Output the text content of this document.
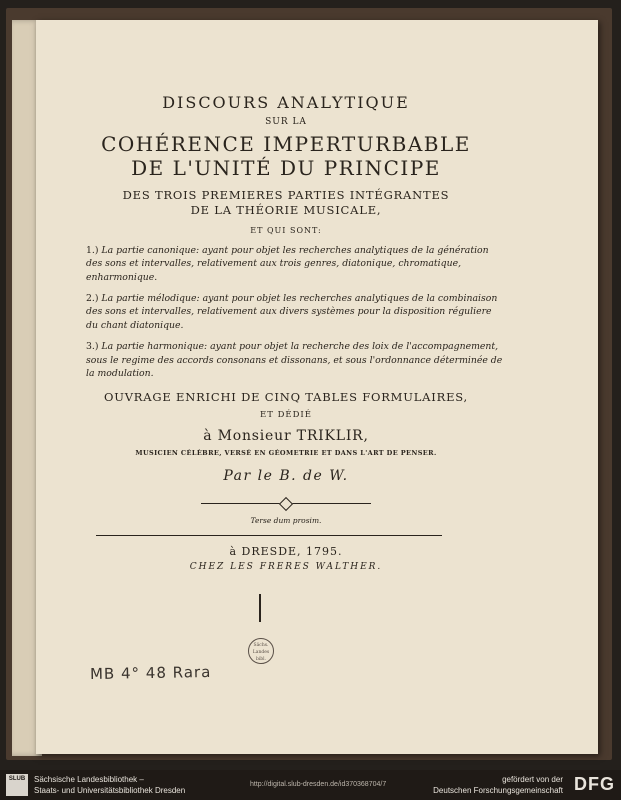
DISCOURS ANALYTIQUE
SUR LA
COHÉRENCE IMPERTURBABLE
DE L'UNITÉ DU PRINCIPE
DES TROIS PREMIERES PARTIES INTÉGRANTES
DE LA THÉORIE MUSICALE,
ET QUI SONT:
1.) La partie canonique: ayant pour objet les recherches analytiques de la génération des sons et intervalles, relativement aux trois genres, diatonique, chromatique, enharmonique.
2.) La partie mélodique: ayant pour objet les recherches analytiques de la combinaison des sons et intervalles, relativement aux divers systèmes pour la disposition réguliere du chant diatonique.
3.) La partie harmonique: ayant pour objet la recherche des loix de l'accompagnement, sous le regime des accords consonans et dissonans, et sous l'ordonnance déterminée de la modulation.
OUVRAGE ENRICHI DE CINQ TABLES FORMULAIRES,
ET DÉDIÉ
à Monsieur TRIKLIR,
MUSICIEN CÉLÈBRE, VERSÉ EN GÉOMETRIE ET DANS L'ART DE PENSER.
Par le B. de W.
Terse dum prosim.
à DRESDE, 1795.
CHEZ LES FRERES WALTHER.
Sächs. Landes bibl.
MB 4° 48 Rara
SLUB	Sächsische Landesbibliothek –
Staats- und Universitätsbibliothek Dresden
http://digital.slub-dresden.de/id370368704/7
gefördert von der
Deutschen Forschungsgemeinschaft DFG
